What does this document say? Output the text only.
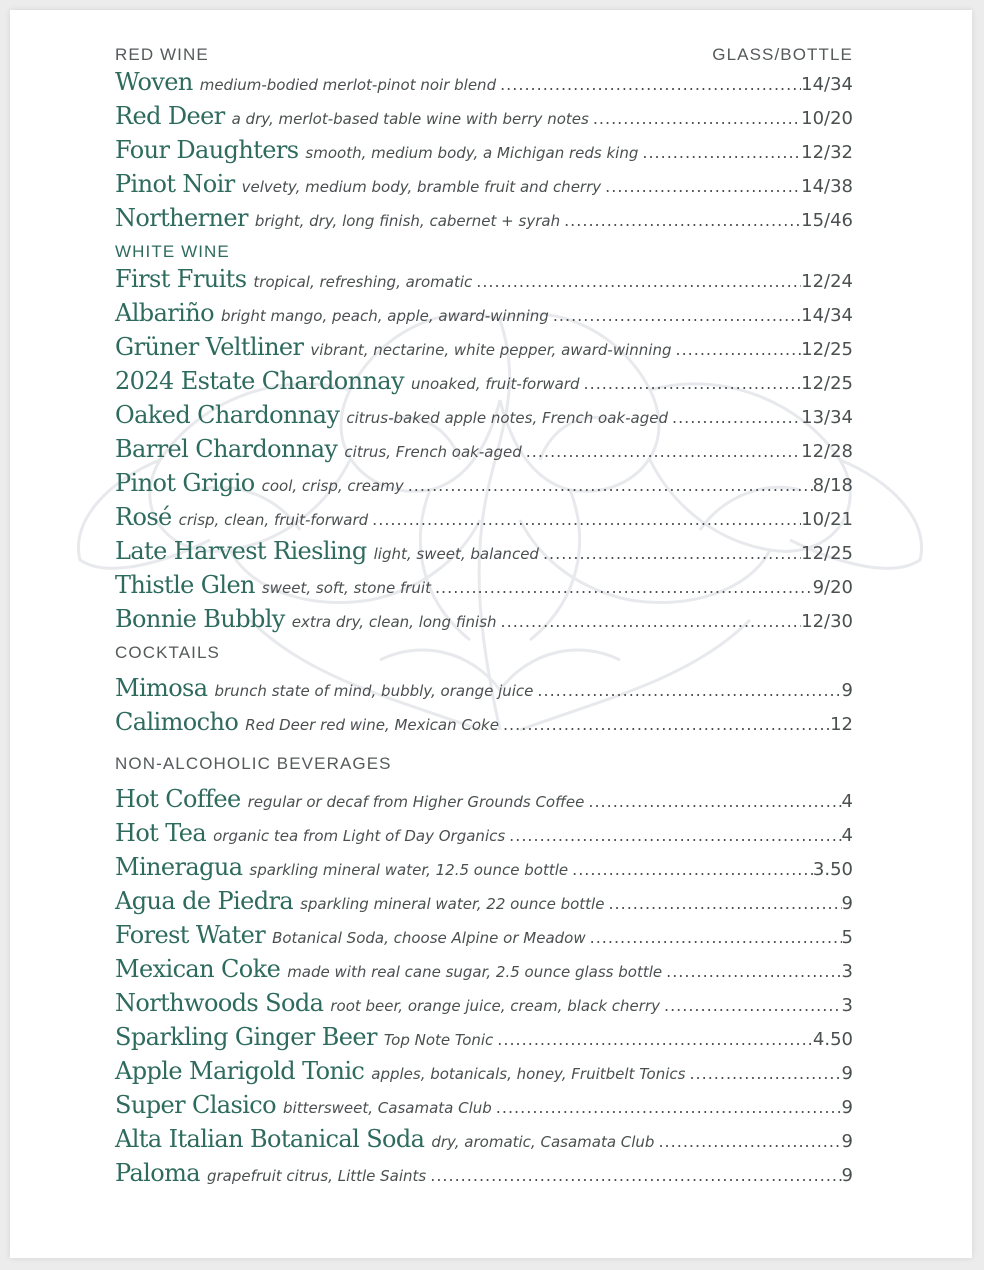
RED WINE	GLASS/BOTTLE
Woven medium-bodied merlot-pinot noir blend .....	14/34
Red Deer a dry, merlot-based table wine with berry notes .....	10/20
Four Daughters smooth, medium body, a Michigan reds king .....	12/32
Pinot Noir velvety, medium body, bramble fruit and cherry .....	14/38
Northerner bright, dry, long finish, cabernet + syrah .....	15/46
WHITE WINE
First Fruits tropical, refreshing, aromatic .....	12/24
Albariño bright mango, peach, apple, award-winning .....	14/34
Grüner Veltliner vibrant, nectarine, white pepper, award-winning .....	12/25
2024 Estate Chardonnay unoaked, fruit-forward .....	12/25
Oaked Chardonnay citrus-baked apple notes, French oak-aged .....	13/34
Barrel Chardonnay citrus, French oak-aged .....	12/28
Pinot Grigio cool, crisp, creamy .....	8/18
Rosé crisp, clean, fruit-forward .....	10/21
Late Harvest Riesling light, sweet, balanced .....	12/25
Thistle Glen sweet, soft, stone fruit .....	9/20
Bonnie Bubbly extra dry, clean, long finish .....	12/30
COCKTAILS
Mimosa brunch state of mind, bubbly, orange juice .....	9
Calimocho Red Deer red wine, Mexican Coke .....	12
NON-ALCOHOLIC BEVERAGES
Hot Coffee regular or decaf from Higher Grounds Coffee .....	4
Hot Tea organic tea from Light of Day Organics .....	4
Mineragua sparkling mineral water, 12.5 ounce bottle .....	3.50
Agua de Piedra sparkling mineral water, 22 ounce bottle .....	9
Forest Water Botanical Soda, choose Alpine or Meadow .....	5
Mexican Coke made with real cane sugar, 2.5 ounce glass bottle .....	3
Northwoods Soda root beer, orange juice, cream, black cherry .....	3
Sparkling Ginger Beer Top Note Tonic .....	4.50
Apple Marigold Tonic apples, botanicals, honey, Fruitbelt Tonics .....	9
Super Clasico bittersweet, Casamata Club .....	9
Alta Italian Botanical Soda dry, aromatic, Casamata Club .....	9
Paloma grapefruit citrus, Little Saints .....	9
